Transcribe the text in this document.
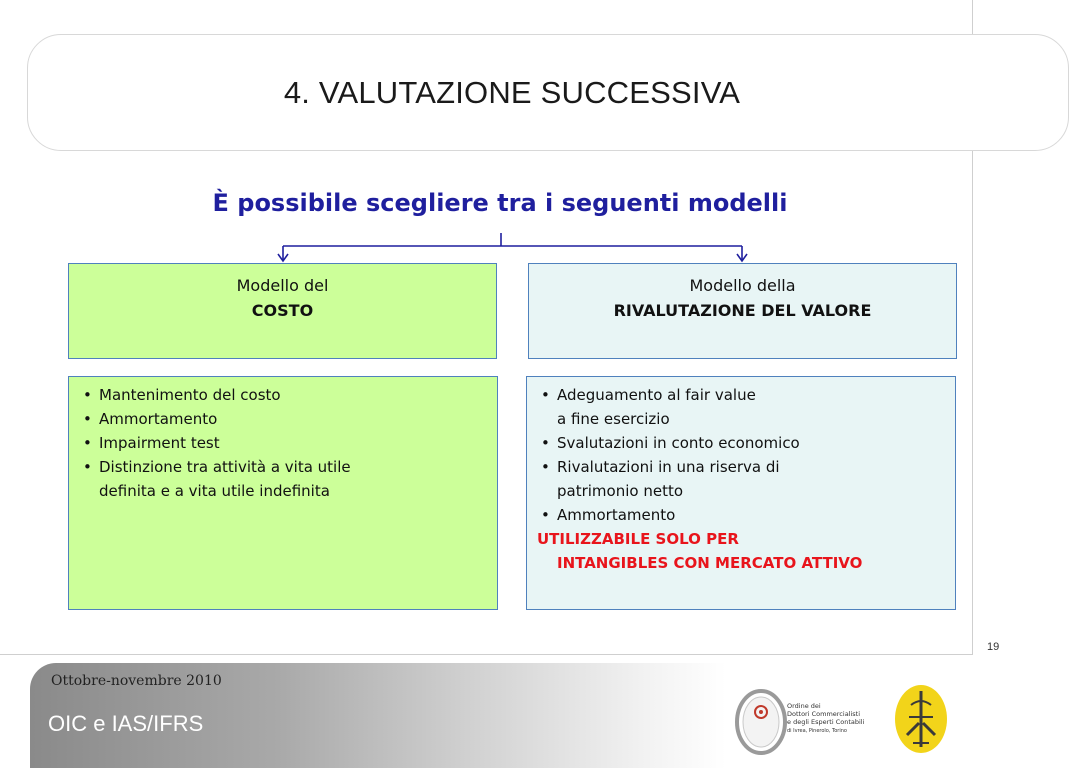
4. VALUTAZIONE SUCCESSIVA
È possibile scegliere tra i seguenti modelli
Modello del
COSTO
Modello della
RIVALUTAZIONE DEL VALORE
• Mantenimento del costo
• Ammortamento
• Impairment test
• Distinzione tra attività a vita utile
definita e a vita utile indefinita
• Adeguamento al fair value
a fine esercizio
• Svalutazioni in conto economico
• Rivalutazioni in una riserva di
patrimonio netto
• Ammortamento
UTILIZZABILE SOLO PER
INTANGIBLES CON MERCATO ATTIVO
19
Ottobre-novembre 2010
OIC e IAS/IFRS
Ordine dei
Dottori Commercialisti
e degli Esperti Contabili
di Ivrea, Pinerolo, Torino
